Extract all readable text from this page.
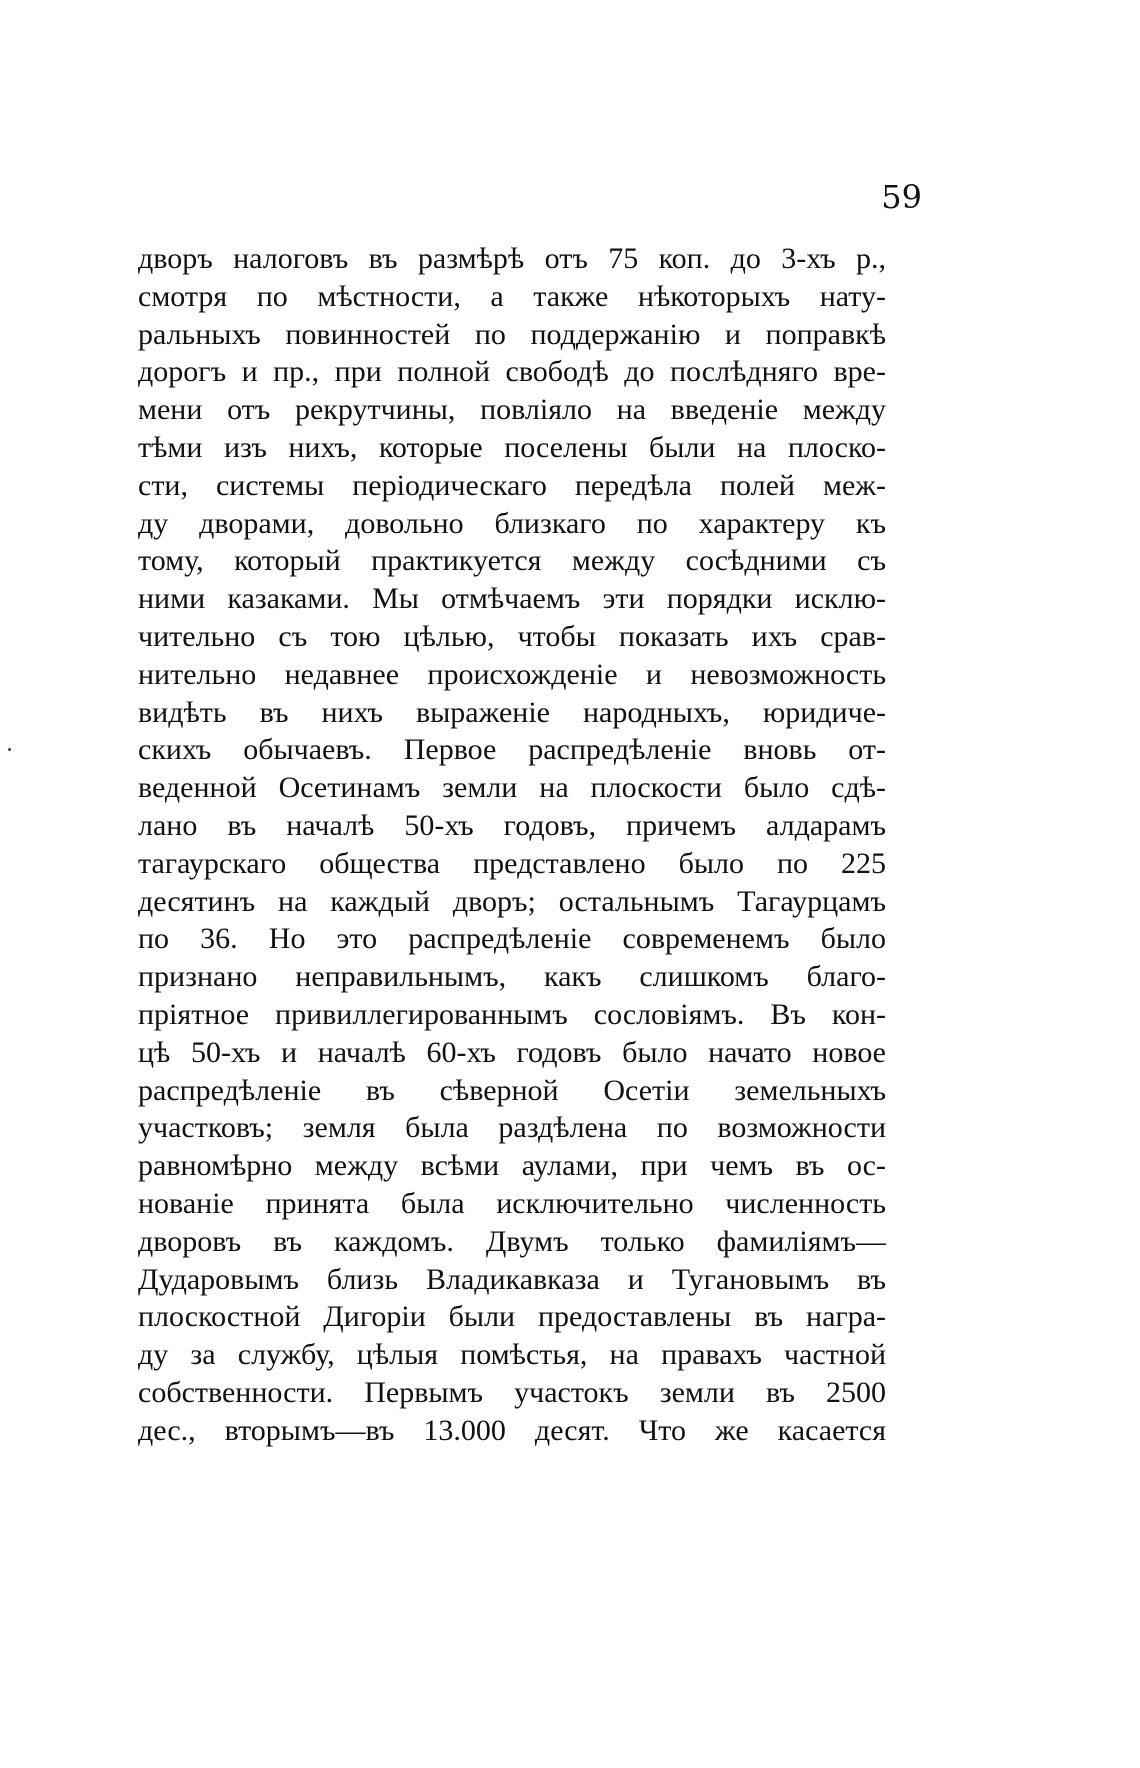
59
дворъ налоговъ въ размѣрѣ отъ 75 коп. до 3-хъ р.,
смотря по мѣстности, а также нѣкоторыхъ нату-
ральныхъ повинностей по поддержанію и поправкѣ
дорогъ и пр., при полной свободѣ до послѣдняго вре-
мени отъ рекрутчины, повліяло на введеніе между
тѣми изъ нихъ, которые поселены были на плоско-
сти, системы періодическаго передѣла полей меж-
ду дворами, довольно близкаго по характеру къ
тому, который практикуется между сосѣдними съ
ними казаками. Мы отмѣчаемъ эти порядки исклю-
чительно съ тою цѣлью, чтобы показать ихъ срав-
нительно недавнее происхожденіе и невозможность
видѣть въ нихъ выраженіе народныхъ, юридиче-
скихъ обычаевъ. Первое распредѣленіе вновь от-
веденной Осетинамъ земли на плоскости было сдѣ-
лано въ началѣ 50-хъ годовъ, причемъ алдарамъ
тагаурскаго общества представлено было по 225
десятинъ на каждый дворъ; остальнымъ Тагаурцамъ
по 36. Но это распредѣленіе современемъ было
признано неправильнымъ, какъ слишкомъ благо-
пріятное привиллегированнымъ сословіямъ. Въ кон-
цѣ 50-хъ и началѣ 60-хъ годовъ было начато новое
распредѣленіе въ сѣверной Осетіи земельныхъ
участковъ; земля была раздѣлена по возможности
равномѣрно между всѣми аулами, при чемъ въ ос-
нованіе принята была исключительно численность
дворовъ въ каждомъ. Двумъ только фамиліямъ—
Дударовымъ близь Владикавказа и Тугановымъ въ
плоскостной Дигоріи были предоставлены въ награ-
ду за службу, цѣлыя помѣстья, на правахъ частной
собственности. Первымъ участокъ земли въ 2500
дес., вторымъ—въ 13.000 десят. Что же касается
